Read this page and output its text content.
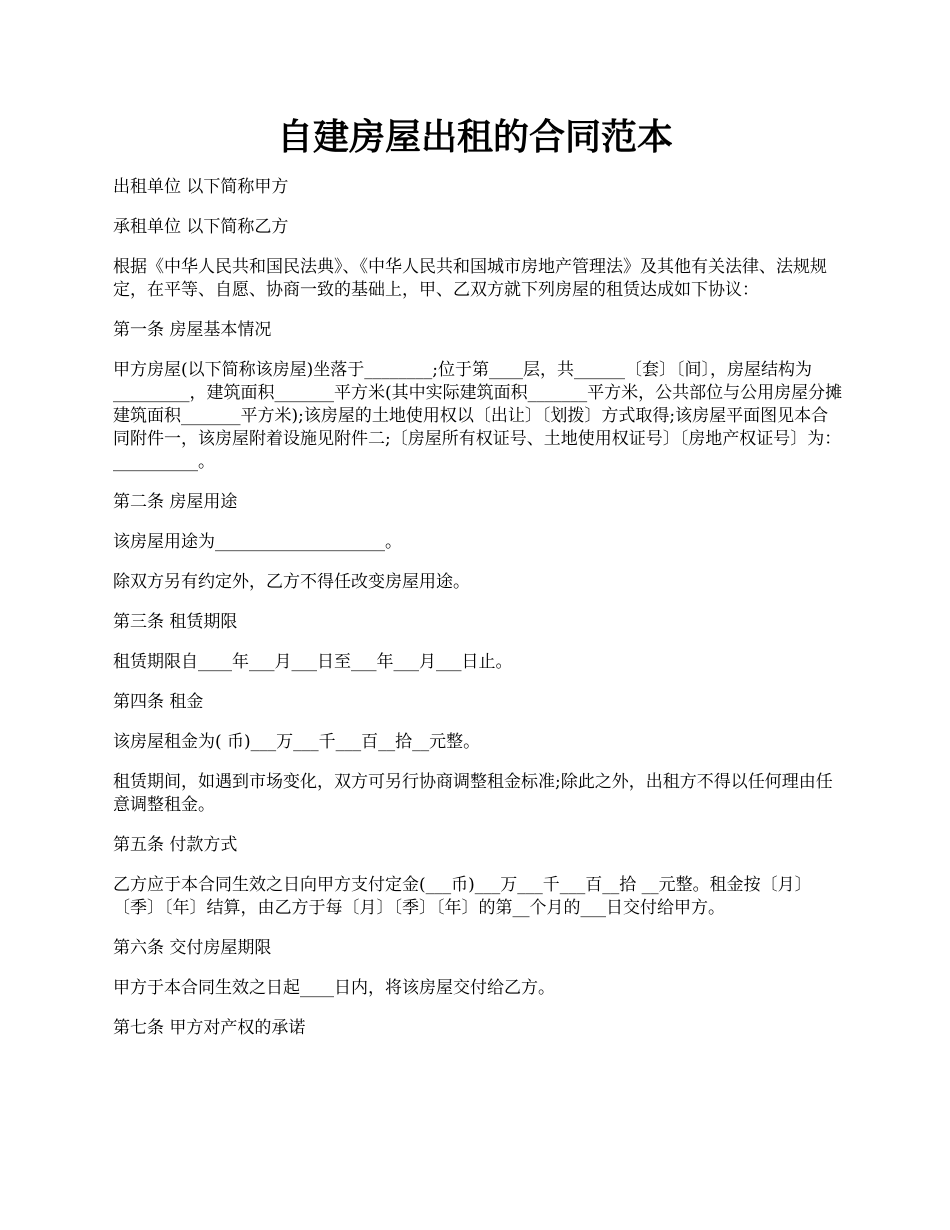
自建房屋出租的合同范本

出租单位 以下简称甲方

承租单位 以下简称乙方

根据《中华人民共和国民法典》、《中华人民共和国城市房地产管理法》及其他有关法律、法规规定，在平等、自愿、协商一致的基础上，甲、乙双方就下列房屋的租赁达成如下协议：

第一条 房屋基本情况

甲方房屋(以下简称该房屋)坐落于________;位于第____层，共______〔套〕〔间〕，房屋结构为_________，建筑面积_______平方米(其中实际建筑面积_______平方米，公共部位与公用房屋分摊建筑面积_______平方米);该房屋的土地使用权以〔出让〕〔划拨〕方式取得;该房屋平面图见本合同附件一，该房屋附着设施见附件二;〔房屋所有权证号、土地使用权证号〕〔房地产权证号〕为：__________。

第二条 房屋用途

该房屋用途为____________________。

除双方另有约定外，乙方不得任改变房屋用途。

第三条 租赁期限

租赁期限自____年___月___日至___年___月___日止。

第四条 租金

该房屋租金为( 币)___万___千___百__拾__元整。

租赁期间，如遇到市场变化，双方可另行协商调整租金标准;除此之外，出租方不得以任何理由任意调整租金。

第五条 付款方式

乙方应于本合同生效之日向甲方支付定金(___币)___万___千___百__拾 __元整。租金按〔月〕〔季〕〔年〕结算，由乙方于每〔月〕〔季〕〔年〕的第__个月的___日交付给甲方。

第六条 交付房屋期限

甲方于本合同生效之日起____日内，将该房屋交付给乙方。

第七条 甲方对产权的承诺
